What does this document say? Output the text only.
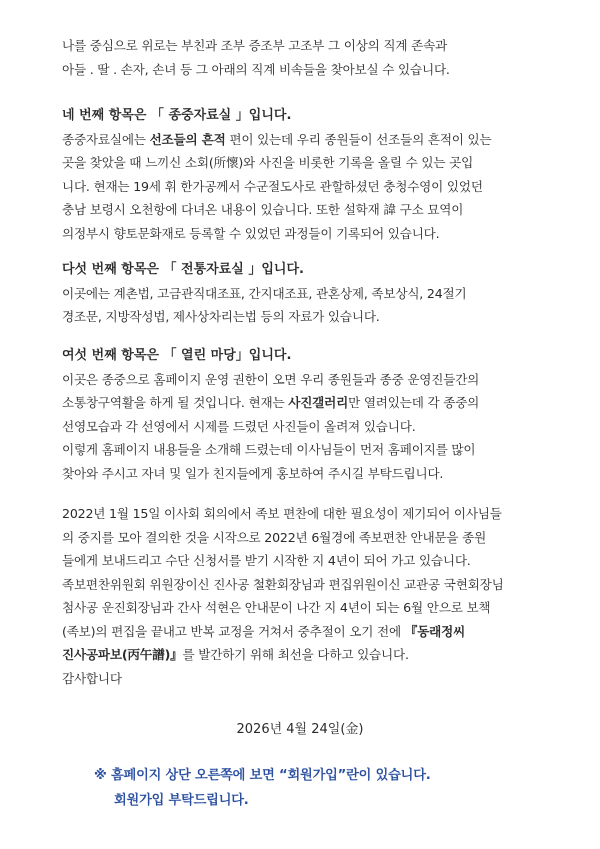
나를 중심으로 위로는 부친과 조부 증조부 고조부 그 이상의 직계 존속과
아들 . 딸 . 손자, 손녀 등 그 아래의 직계 비속들을 찾아보실 수 있습니다.
네 번째 항목은 「 종중자료실 」입니다.
종중자료실에는 선조들의 흔적 편이 있는데 우리 종원들이 선조들의 흔적이 있는
곳을 찾았을 때 느끼신 소회(所懷)와 사진을 비롯한 기록을 올릴 수 있는 곳입
니다. 현재는 19세 휘 한가공께서 수군절도사로 관할하셨던 충청수영이 있었던
충남 보령시 오천항에 다녀온 내용이 있습니다. 또한 설학재 諱 구소 묘역이
의정부시 향토문화재로 등록할 수 있었던 과정들이 기록되어 있습니다.
다섯 번째 항목은 「 전통자료실 」입니다.
이곳에는 계촌법, 고금관직대조표, 간지대조표, 관혼상제, 족보상식, 24절기
경조문, 지방작성법, 제사상차리는법 등의 자료가 있습니다.
여섯 번째 항목은 「 열린 마당」입니다.
이곳은 종중으로 홈페이지 운영 권한이 오면 우리 종원들과 종중 운영진들간의
소통창구역활을 하게 될 것입니다. 현재는 사진갤러리만 열려있는데 각 종중의
선영모습과 각 선영에서 시제를 드렸던 사진들이 올려져 있습니다.
이렇게 홈페이지 내용들을 소개해 드렸는데 이사님들이 먼저 홈페이지를 많이
찾아와 주시고 자녀 및 일가 친지들에게 홍보하여 주시길 부탁드립니다.
2022년 1월 15일 이사회 회의에서 족보 편찬에 대한 필요성이 제기되어 이사님들
의 중지를 모아 결의한 것을 시작으로 2022년 6월경에 족보편찬 안내문을 종원
들에게 보내드리고 수단 신청서를 받기 시작한 지 4년이 되어 가고 있습니다.
족보편찬위원회 위원장이신 진사공 철환회장님과 편집위원이신 교관공 국현회장님
첨사공 운진회장님과 간사 석현은 안내문이 나간 지 4년이 되는 6월 안으로 보책
(족보)의 편집을 끝내고 반복 교정을 거쳐서 중추절이 오기 전에 『동래정씨
진사공파보(丙午譜)』를 발간하기 위해 최선을 다하고 있습니다.
감사합니다
2026년 4월 24일(金)
※ 홈페이지 상단 오른쪽에 보면 “회원가입”란이 있습니다.
회원가입 부탁드립니다.
